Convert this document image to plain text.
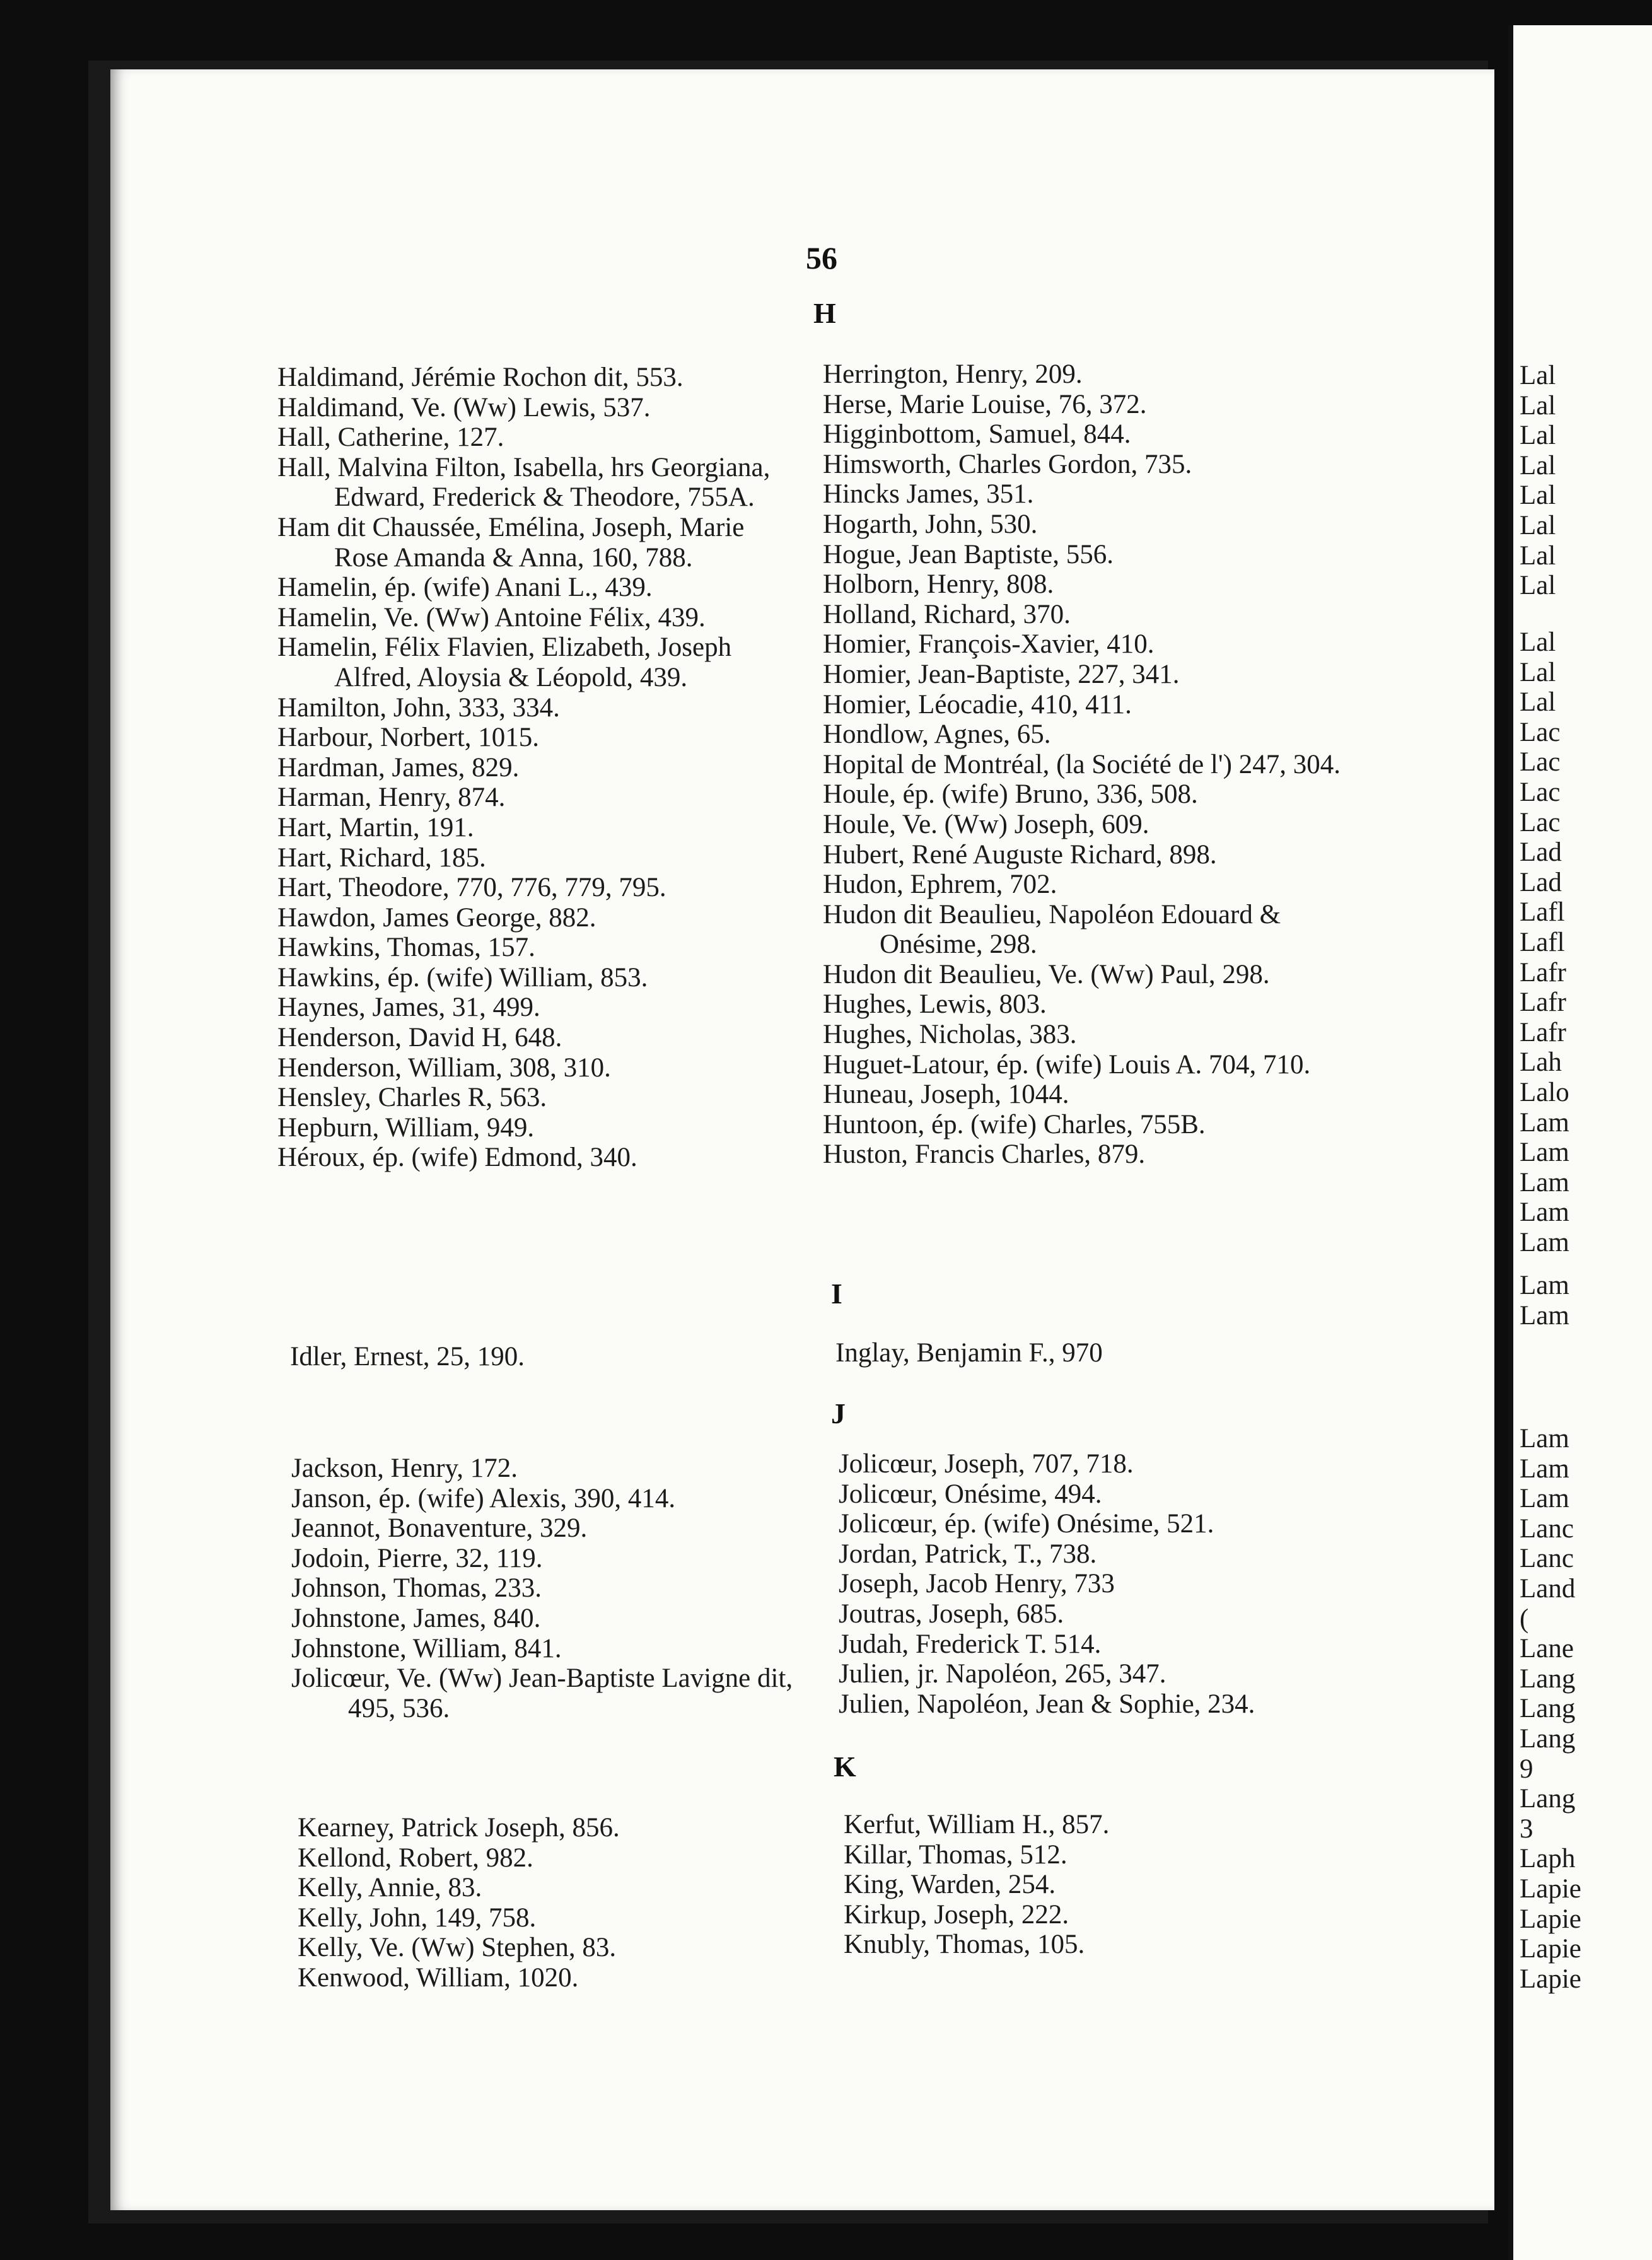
56
H

Haldimand, Jérémie Rochon dit, 553.

Haldimand, Ve. (Ww) Lewis, 537.

Hall, Catherine, 127.

Hall, Malvina Filton, Isabella, hrs Georgiana, Edward, Frederick & Theodore, 755A.

Ham dit Chaussée, Emélina, Joseph, Marie Rose Amanda & Anna, 160, 788.

Hamelin, ép. (wife) Anani L., 439.

Hamelin, Ve. (Ww) Antoine Félix, 439.

Hamelin, Félix Flavien, Elizabeth, Joseph Alfred, Aloysia & Léopold, 439.

Hamilton, John, 333, 334.

Harbour, Norbert, 1015.

Hardman, James, 829.

Harman, Henry, 874.

Hart, Martin, 191.

Hart, Richard, 185.

Hart, Theodore, 770, 776, 779, 795.

Hawdon, James George, 882.

Hawkins, Thomas, 157.

Hawkins, ép. (wife) William, 853.

Haynes, James, 31, 499.

Henderson, David H, 648.

Henderson, William, 308, 310.

Hensley, Charles R, 563.

Hepburn, William, 949.

Héroux, ép. (wife) Edmond, 340.

Herrington, Henry, 209.

Herse, Marie Louise, 76, 372.

Higginbottom, Samuel, 844.

Himsworth, Charles Gordon, 735.

Hincks James, 351.

Hogarth, John, 530.

Hogue, Jean Baptiste, 556.

Holborn, Henry, 808.

Holland, Richard, 370.

Homier, François-Xavier, 410.

Homier, Jean-Baptiste, 227, 341.

Homier, Léocadie, 410, 411.

Hondlow, Agnes, 65.

Hopital de Montréal, (la Société de l') 247, 304.

Houle, ép. (wife) Bruno, 336, 508.

Houle, Ve. (Ww) Joseph, 609.

Hubert, René Auguste Richard, 898.

Hudon, Ephrem, 702.

Hudon dit Beaulieu, Napoléon Edouard & Onésime, 298.

Hudon dit Beaulieu, Ve. (Ww) Paul, 298.

Hughes, Lewis, 803.

Hughes, Nicholas, 383.

Huguet-Latour, ép. (wife) Louis A. 704, 710.

Huneau, Joseph, 1044.

Huntoon, ép. (wife) Charles, 755B.

Huston, Francis Charles, 879.

I

Idler, Ernest, 25, 190.	Inglay, Benjamin F., 970

J

Jackson, Henry, 172.

Janson, ép. (wife) Alexis, 390, 414.

Jeannot, Bonaventure, 329.

Jodoin, Pierre, 32, 119.

Johnson, Thomas, 233.

Johnstone, James, 840.

Johnstone, William, 841.

Jolicœur, Ve. (Ww) Jean-Baptiste Lavigne dit, 495, 536.

Jolicœur, Joseph, 707, 718.

Jolicœur, Onésime, 494.

Jolicœur, ép. (wife) Onésime, 521.

Jordan, Patrick, T., 738.

Joseph, Jacob Henry, 733

Joutras, Joseph, 685.

Judah, Frederick T. 514.

Julien, jr. Napoléon, 265, 347.

Julien, Napoléon, Jean & Sophie, 234.

K

Kearney, Patrick Joseph, 856.

Kellond, Robert, 982.

Kelly, Annie, 83.

Kelly, John, 149, 758.

Kelly, Ve. (Ww) Stephen, 83.

Kenwood, William, 1020.

Kerfut, William H., 857.

Killar, Thomas, 512.

King, Warden, 254.

Kirkup, Joseph, 222.

Knubly, Thomas, 105.

Lal
Lal
Lal
Lal
Lal
Lal
Lal
Lal
Lal
Lal
Lal
Lac
Lac
Lac
Lac
Lad
Lad
Lafl
Lafl
Lafr
Lafr
Lafr
Lah
Lalo
Lam
Lam
Lam
Lam
Lam
Lam
Lam
Lam
Lam
Lam
Lanc
Lanc
Land
(
Lane
Lang
Lang
Lang
9
Lang
3
Laph
Lapie
Lapie
Lapie
Lapie
